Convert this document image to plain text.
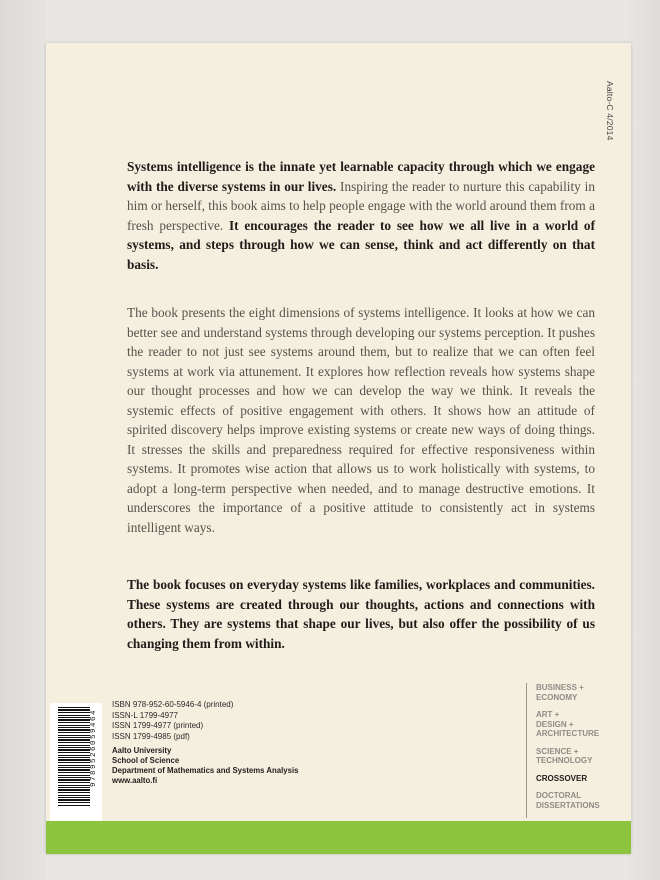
Aalto-C 4/2014

Systems intelligence is the innate yet learnable capacity through which we engage with the diverse systems in our lives. Inspiring the reader to nurture this capability in him or herself, this book aims to help people engage with the world around them from a fresh perspective. It encourages the reader to see how we all live in a world of systems, and steps through how we can sense, think and act differently on that basis.

The book presents the eight dimensions of systems intelligence. It looks at how we can better see and understand systems through developing our systems perception. It pushes the reader to not just see systems around them, but to realize that we can often feel systems at work via attunement. It explores how reflection reveals how systems shape our thought processes and how we can develop the way we think. It reveals the systemic effects of positive engagement with others. It shows how an attitude of spirited discovery helps improve existing systems or create new ways of doing things. It stresses the skills and preparedness required for effective responsiveness within systems. It promotes wise action that allows us to work holistically with systems, to adopt a long-term perspective when needed, and to manage destructive emotions. It underscores the importance of a positive attitude to consistently act in systems intelligent ways.

The book focuses on everyday systems like families, workplaces and communities. These systems are created through our thoughts, actions and connections with others. They are systems that shape our lives, but also offer the possibility of us changing them from within.

9789526059464
ISBN 978-952-60-5946-4 (printed)
ISSN-L 1799-4977
ISSN 1799-4977 (printed)
ISSN 1799-4985 (pdf)
Aalto University
School of Science
Department of Mathematics and Systems Analysis
www.aalto.fi
BUSINESS +
ECONOMY
ART +
DESIGN +
ARCHITECTURE
SCIENCE +
TECHNOLOGY
CROSSOVER
DOCTORAL
DISSERTATIONS
